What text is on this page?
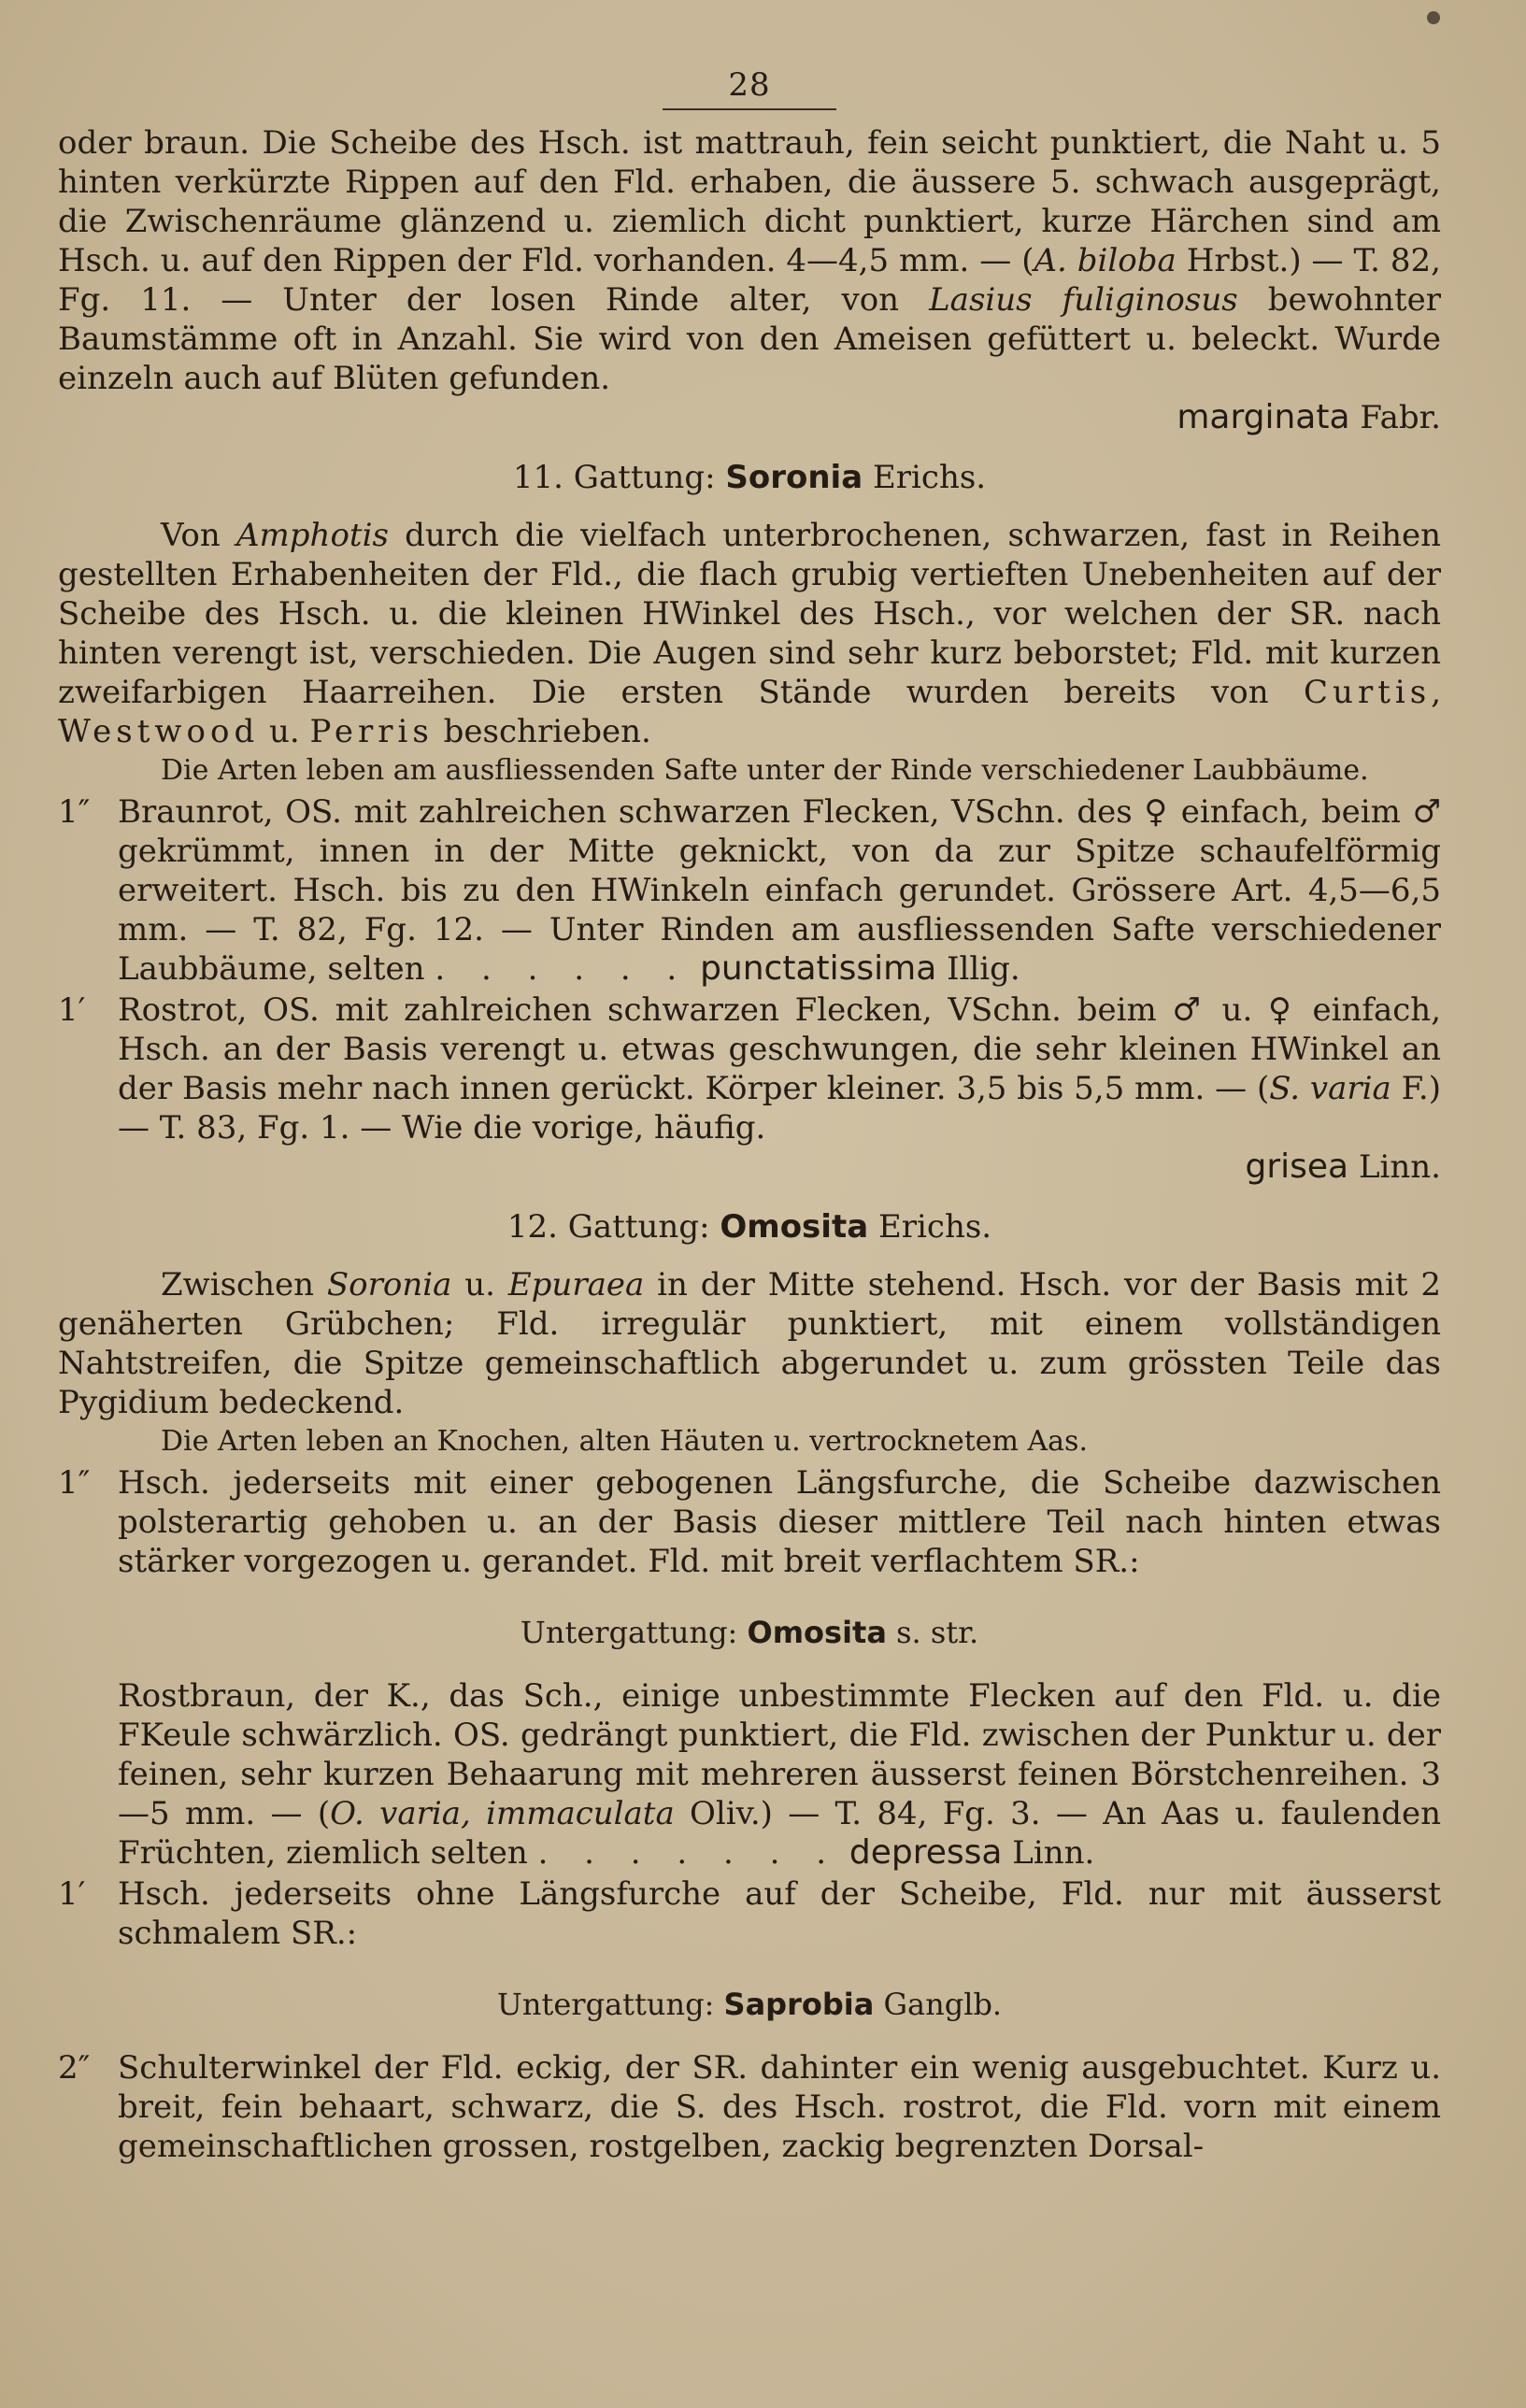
28

oder braun. Die Scheibe des Hsch. ist mattrauh, fein seicht punktiert, die Naht u. 5 hinten verkürzte Rippen auf den Fld. erhaben, die äussere 5. schwach ausgeprägt, die Zwischenräume glänzend u. ziemlich dicht punktiert, kurze Härchen sind am Hsch. u. auf den Rippen der Fld. vorhanden. 4—4,5 mm. — (A. biloba Hrbst.) — T. 82, Fg. 11. — Unter der losen Rinde alter, von Lasius fuliginosus bewohnter Baumstämme oft in Anzahl. Sie wird von den Ameisen gefüttert u. beleckt. Wurde einzeln auch auf Blüten gefunden.

marginata Fabr.
11. Gattung: Soronia Erichs.

Von Amphotis durch die vielfach unterbrochenen, schwarzen, fast in Reihen gestellten Erhabenheiten der Fld., die flach grubig vertieften Unebenheiten auf der Scheibe des Hsch. u. die kleinen HWinkel des Hsch., vor welchen der SR. nach hinten verengt ist, verschieden. Die Augen sind sehr kurz beborstet; Fld. mit kurzen zweifarbigen Haarreihen. Die ersten Stände wurden bereits von Curtis, Westwood u. Perris beschrieben.

Die Arten leben am ausfliessenden Safte unter der Rinde verschiedener Laubbäume.

1″ Braunrot, OS. mit zahlreichen schwarzen Flecken, VSchn. des ♀ einfach, beim ♂ gekrümmt, innen in der Mitte geknickt, von da zur Spitze schaufelförmig erweitert. Hsch. bis zu den HWinkeln einfach gerundet. Grössere Art. 4,5—6,5 mm. — T. 82, Fg. 12. — Unter Rinden am ausfliessenden Safte verschiedener Laubbäume, selten . . . . . . punctatissima Illig.
1′	Rostrot, OS. mit zahlreichen schwarzen Flecken, VSchn. beim ♂ u. ♀ einfach, Hsch. an der Basis verengt u. etwas geschwungen, die sehr kleinen HWinkel an der Basis mehr nach innen gerückt. Körper kleiner. 3,5 bis 5,5 mm. — (S. varia F.) — T. 83, Fg. 1. — Wie die vorige, häufig.
grisea Linn.
12. Gattung: Omosita Erichs.

Zwischen Soronia u. Epuraea in der Mitte stehend. Hsch. vor der Basis mit 2 genäherten Grübchen; Fld. irregulär punktiert, mit einem vollständigen Nahtstreifen, die Spitze gemeinschaftlich abgerundet u. zum grössten Teile das Pygidium bedeckend.

Die Arten leben an Knochen, alten Häuten u. vertrocknetem Aas.

1″ Hsch. jederseits mit einer gebogenen Längsfurche, die Scheibe dazwischen polsterartig gehoben u. an der Basis dieser mittlere Teil nach hinten etwas stärker vorgezogen u. gerandet. Fld. mit breit verflachtem SR.:
Untergattung: Omosita s. str.
Rostbraun, der K., das Sch., einige unbestimmte Flecken auf den Fld. u. die FKeule schwärzlich. OS. gedrängt punktiert, die Fld. zwischen der Punktur u. der feinen, sehr kurzen Behaarung mit mehreren äusserst feinen Börstchenreihen. 3—5 mm. — (O. varia, immaculata Oliv.) — T. 84, Fg. 3. — An Aas u. faulenden Früchten, ziemlich selten . . . . . . . depressa Linn.
1′	Hsch. jederseits ohne Längsfurche auf der Scheibe, Fld. nur mit äusserst schmalem SR.:
Untergattung: Saprobia Ganglb.
2″ Schulterwinkel der Fld. eckig, der SR. dahinter ein wenig ausgebuchtet. Kurz u. breit, fein behaart, schwarz, die S. des Hsch. rostrot, die Fld. vorn mit einem gemeinschaftlichen grossen, rostgelben, zackig begrenzten Dorsal-
